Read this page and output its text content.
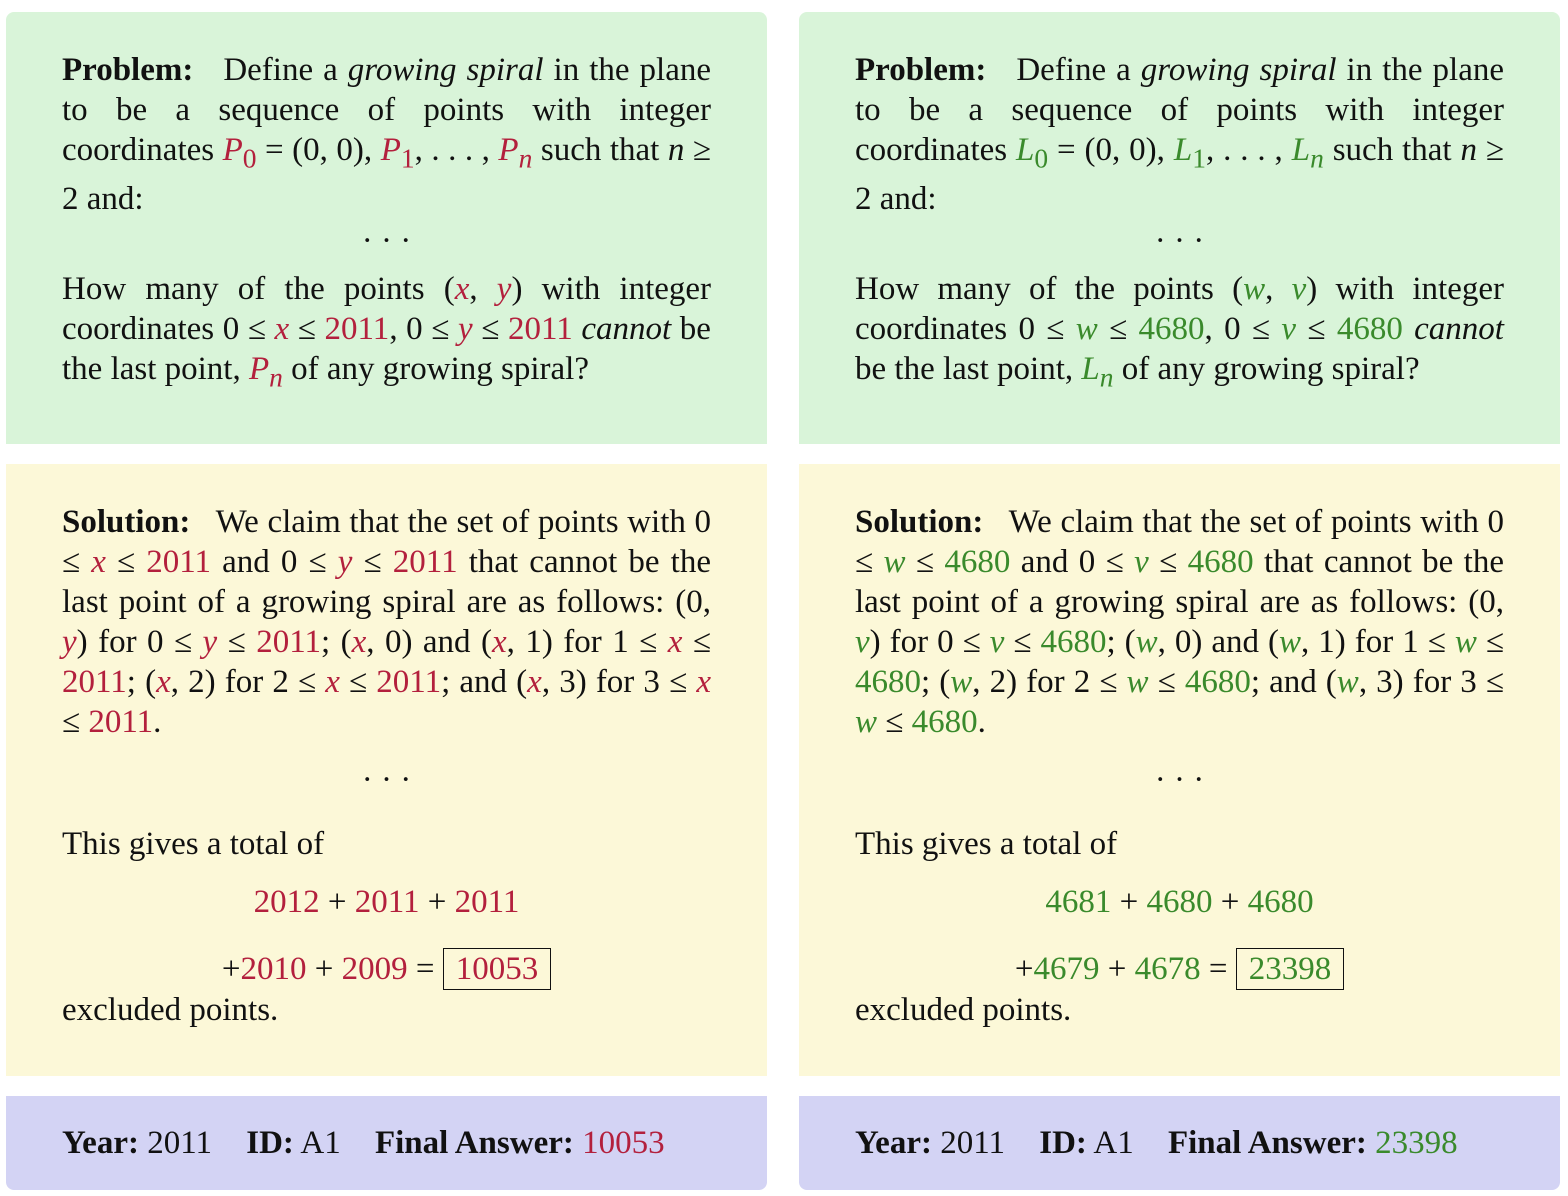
Problem:   Define a growing spiral in the plane to be a sequence of points with integer coordinates $P_0 = (0$, 0), $P_1$, . . . , $P_n$ such that n ≥ 2 and:

· · ·

How many of the points (x, y) with integer coordinates 0 ≤ x ≤ 2011, 0 ≤ y ≤ 2011 cannot be the last point, $P_n$ of any growing spiral?

Solution:   We claim that the set of points with 0 ≤ x ≤ 2011 and 0 ≤ y ≤ 2011 that cannot be the last point of a growing spiral are as follows: (0, y) for 0 ≤ y ≤ 2011; (x, 0) and (x, 1) for 1 ≤ x ≤ 2011; (x, 2) for 2 ≤ x ≤ 2011; and (x, 3) for 3 ≤ x ≤ 2011.

· · ·

This gives a total of

2012 + 2011 + 2011

+2010 + 2009 = 10053

excluded points.

Year: 2011 ID: A1 Final Answer: 10053

Problem:   Define a growing spiral in the plane to be a sequence of points with integer coordinates $L_0 = (0$, 0), $L_1$, . . . , $L_n$ such that n ≥ 2 and:

· · ·

How many of the points (w, v) with integer coordinates 0 ≤ w ≤ 4680, 0 ≤ v ≤ 4680 cannot be the last point, $L_n$ of any growing spiral?

Solution:   We claim that the set of points with 0 ≤ w ≤ 4680 and 0 ≤ v ≤ 4680 that cannot be the last point of a growing spiral are as follows: (0, v) for 0 ≤ v ≤ 4680; (w, 0) and (w, 1) for 1 ≤ w ≤ 4680; (w, 2) for 2 ≤ w ≤ 4680; and (w, 3) for 3 ≤ w ≤ 4680.

· · ·

This gives a total of

4681 + 4680 + 4680

+4679 + 4678 = 23398

excluded points.

Year: 2011 ID: A1 Final Answer: 23398
